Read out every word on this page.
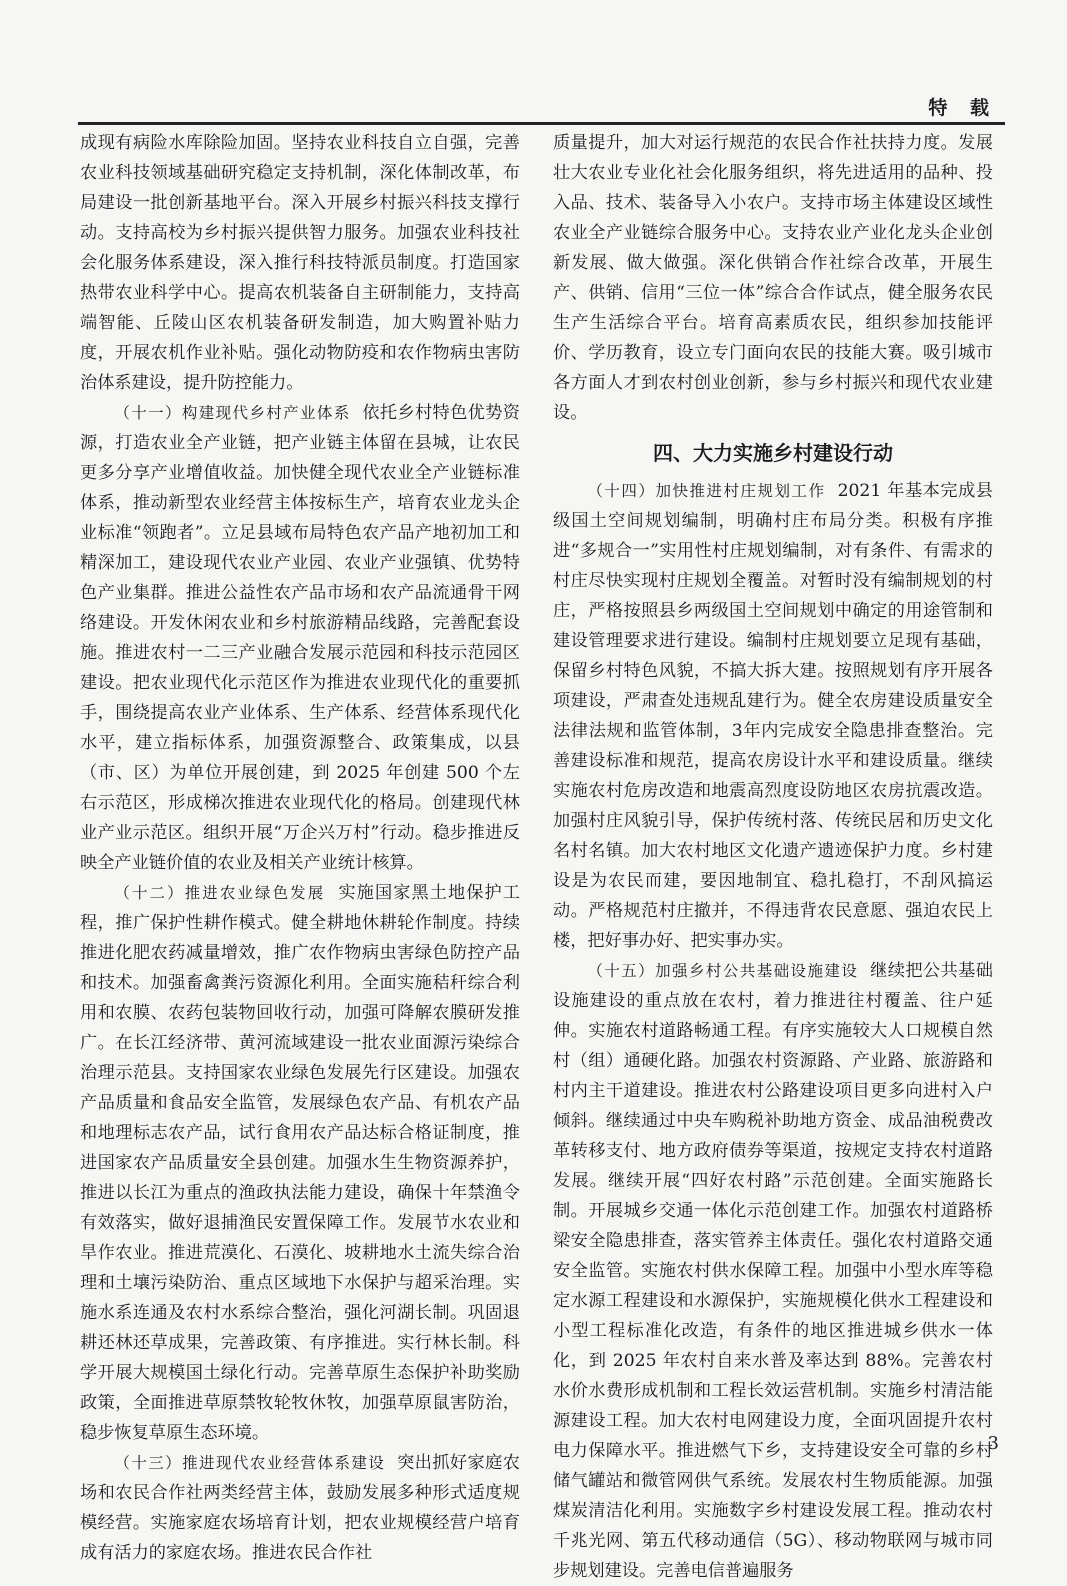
特 载

成现有病险水库除险加固。坚持农业科技自立自强，完善农业科技领域基础研究稳定支持机制，深化体制改革，布局建设一批创新基地平台。深入开展乡村振兴科技支撑行动。支持高校为乡村振兴提供智力服务。加强农业科技社会化服务体系建设，深入推行科技特派员制度。打造国家热带农业科学中心。提高农机装备自主研制能力，支持高端智能、丘陵山区农机装备研发制造，加大购置补贴力度，开展农机作业补贴。强化动物防疫和农作物病虫害防治体系建设，提升防控能力。

（十一）构建现代乡村产业体系 依托乡村特色优势资源，打造农业全产业链，把产业链主体留在县城，让农民更多分享产业增值收益。加快健全现代农业全产业链标准体系，推动新型农业经营主体按标生产，培育农业龙头企业标准“领跑者”。立足县域布局特色农产品产地初加工和精深加工，建设现代农业产业园、农业产业强镇、优势特色产业集群。推进公益性农产品市场和农产品流通骨干网络建设。开发休闲农业和乡村旅游精品线路，完善配套设施。推进农村一二三产业融合发展示范园和科技示范园区建设。把农业现代化示范区作为推进农业现代化的重要抓手，围绕提高农业产业体系、生产体系、经营体系现代化水平，建立指标体系，加强资源整合、政策集成，以县（市、区）为单位开展创建，到 2025 年创建 500 个左右示范区，形成梯次推进农业现代化的格局。创建现代林业产业示范区。组织开展“万企兴万村”行动。稳步推进反映全产业链价值的农业及相关产业统计核算。

（十二）推进农业绿色发展 实施国家黑土地保护工程，推广保护性耕作模式。健全耕地休耕轮作制度。持续推进化肥农药减量增效，推广农作物病虫害绿色防控产品和技术。加强畜禽粪污资源化利用。全面实施秸秆综合利用和农膜、农药包装物回收行动，加强可降解农膜研发推广。在长江经济带、黄河流域建设一批农业面源污染综合治理示范县。支持国家农业绿色发展先行区建设。加强农产品质量和食品安全监管，发展绿色农产品、有机农产品和地理标志农产品，试行食用农产品达标合格证制度，推进国家农产品质量安全县创建。加强水生生物资源养护，推进以长江为重点的渔政执法能力建设，确保十年禁渔令有效落实，做好退捕渔民安置保障工作。发展节水农业和旱作农业。推进荒漠化、石漠化、坡耕地水土流失综合治理和土壤污染防治、重点区域地下水保护与超采治理。实施水系连通及农村水系综合整治，强化河湖长制。巩固退耕还林还草成果，完善政策、有序推进。实行林长制。科学开展大规模国土绿化行动。完善草原生态保护补助奖励政策，全面推进草原禁牧轮牧休牧，加强草原鼠害防治，稳步恢复草原生态环境。

（十三）推进现代农业经营体系建设 突出抓好家庭农场和农民合作社两类经营主体，鼓励发展多种形式适度规模经营。实施家庭农场培育计划，把农业规模经营户培育成有活力的家庭农场。推进农民合作社

质量提升，加大对运行规范的农民合作社扶持力度。发展壮大农业专业化社会化服务组织，将先进适用的品种、投入品、技术、装备导入小农户。支持市场主体建设区域性农业全产业链综合服务中心。支持农业产业化龙头企业创新发展、做大做强。深化供销合作社综合改革，开展生产、供销、信用“三位一体”综合合作试点，健全服务农民生产生活综合平台。培育高素质农民，组织参加技能评价、学历教育，设立专门面向农民的技能大赛。吸引城市各方面人才到农村创业创新，参与乡村振兴和现代农业建设。

四、大力实施乡村建设行动

（十四）加快推进村庄规划工作 2021 年基本完成县级国土空间规划编制，明确村庄布局分类。积极有序推进“多规合一”实用性村庄规划编制，对有条件、有需求的村庄尽快实现村庄规划全覆盖。对暂时没有编制规划的村庄，严格按照县乡两级国土空间规划中确定的用途管制和建设管理要求进行建设。编制村庄规划要立足现有基础，保留乡村特色风貌，不搞大拆大建。按照规划有序开展各项建设，严肃查处违规乱建行为。健全农房建设质量安全法律法规和监管体制，3年内完成安全隐患排查整治。完善建设标准和规范，提高农房设计水平和建设质量。继续实施农村危房改造和地震高烈度设防地区农房抗震改造。加强村庄风貌引导，保护传统村落、传统民居和历史文化名村名镇。加大农村地区文化遗产遗迹保护力度。乡村建设是为农民而建，要因地制宜、稳扎稳打，不刮风搞运动。严格规范村庄撤并，不得违背农民意愿、强迫农民上楼，把好事办好、把实事办实。

（十五）加强乡村公共基础设施建设 继续把公共基础设施建设的重点放在农村，着力推进往村覆盖、往户延伸。实施农村道路畅通工程。有序实施较大人口规模自然村（组）通硬化路。加强农村资源路、产业路、旅游路和村内主干道建设。推进农村公路建设项目更多向进村入户倾斜。继续通过中央车购税补助地方资金、成品油税费改革转移支付、地方政府债券等渠道，按规定支持农村道路发展。继续开展“四好农村路”示范创建。全面实施路长制。开展城乡交通一体化示范创建工作。加强农村道路桥梁安全隐患排查，落实管养主体责任。强化农村道路交通安全监管。实施农村供水保障工程。加强中小型水库等稳定水源工程建设和水源保护，实施规模化供水工程建设和小型工程标准化改造，有条件的地区推进城乡供水一体化，到 2025 年农村自来水普及率达到 88%。完善农村水价水费形成机制和工程长效运营机制。实施乡村清洁能源建设工程。加大农村电网建设力度，全面巩固提升农村电力保障水平。推进燃气下乡，支持建设安全可靠的乡村储气罐站和微管网供气系统。发展农村生物质能源。加强煤炭清洁化利用。实施数字乡村建设发展工程。推动农村千兆光网、第五代移动通信（5G）、移动物联网与城市同步规划建设。完善电信普遍服务

3
